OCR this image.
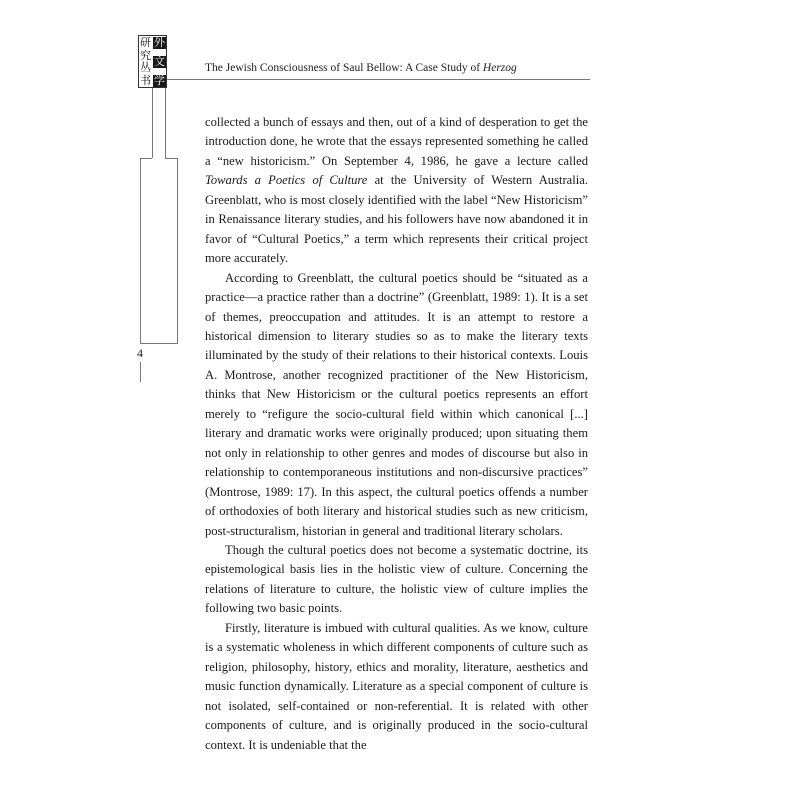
研
究
丛
书
外
文
学
The Jewish Consciousness of Saul Bellow: A Case Study of Herzog
4

collected a bunch of essays and then, out of a kind of desperation to get the introduction done, he wrote that the essays represented something he called a “new historicism.” On September 4, 1986, he gave a lecture called Towards a Poetics of Culture at the University of Western Australia. Greenblatt, who is most closely identified with the label “New Historicism” in Renaissance literary studies, and his followers have now abandoned it in favor of “Cultural Poetics,” a term which represents their critical project more accurately.

According to Greenblatt, the cultural poetics should be “situated as a practice—a practice rather than a doctrine” (Greenblatt, 1989: 1). It is a set of themes, preoccupation and attitudes. It is an attempt to restore a historical dimension to literary studies so as to make the literary texts illuminated by the study of their relations to their historical contexts. Louis A. Montrose, another recognized practitioner of the New Historicism, thinks that New Historicism or the cultural poetics represents an effort merely to “refigure the socio-cultural field within which canonical [...] literary and dramatic works were originally produced; upon situating them not only in relationship to other genres and modes of discourse but also in relationship to contemporaneous institutions and non-discursive practices” (Montrose, 1989: 17). In this aspect, the cultural poetics offends a number of orthodoxies of both literary and historical studies such as new criticism, post-structuralism, historian in general and traditional literary scholars.

Though the cultural poetics does not become a systematic doctrine, its epistemological basis lies in the holistic view of culture. Concerning the relations of literature to culture, the holistic view of culture implies the following two basic points.

Firstly, literature is imbued with cultural qualities. As we know, culture is a systematic wholeness in which different components of culture such as religion, philosophy, history, ethics and morality, literature, aesthetics and music function dynamically. Literature as a special component of culture is not isolated, self-contained or non-referential. It is related with other components of culture, and is originally produced in the socio-cultural context. It is undeniable that the
